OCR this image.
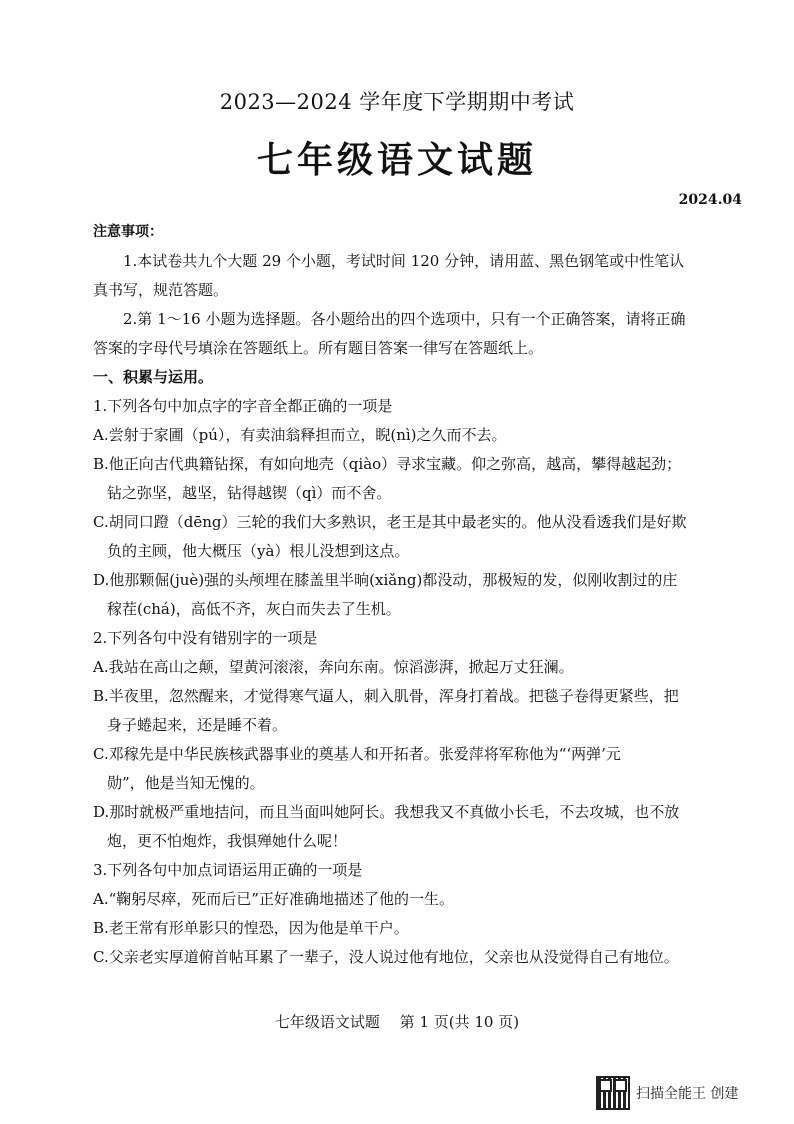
2023—2024 学年度下学期期中考试
七年级语文试题
2024.04

注意事项：

1.本试卷共九个大题 29 个小题，考试时间 120 分钟，请用蓝、黑色钢笔或中性笔认

真书写，规范答题。

2.第 1～16 小题为选择题。各小题给出的四个选项中，只有一个正确答案，请将正确

答案的字母代号填涂在答题纸上。所有题目答案一律写在答题纸上。

一、积累与运用。

1.下列各句中加点字的字音全都正确的一项是

A.尝射于家圃（pú），有卖油翁释担而立，睨(nì)之久而不去。

B.他正向古代典籍钻探，有如向地壳（qiào）寻求宝藏。仰之弥高，越高，攀得越起劲；

钻之弥坚，越坚，钻得越锲（qì）而不舍。

C.胡同口蹬（dēng）三轮的我们大多熟识，老王是其中最老实的。他从没看透我们是好欺

负的主顾，他大概压（yà）根儿没想到这点。

D.他那颗倔(juè)强的头颅埋在膝盖里半晌(xiǎng)都没动，那极短的发，似刚收割过的庄

稼茬(chá)，高低不齐，灰白而失去了生机。

2.下列各句中没有错别字的一项是

A.我站在高山之颠，望黄河滚滚，奔向东南。惊滔澎湃，掀起万丈狂澜。

B.半夜里，忽然醒来，才觉得寒气逼人，刺入肌骨，浑身打着战。把毯子卷得更紧些，把

身子蜷起来，还是睡不着。

C.邓稼先是中华民族核武器事业的奠基人和开拓者。张爱萍将军称他为“‘两弹’元

勋”，他是当知无愧的。

D.那时就极严重地拮问，而且当面叫她阿长。我想我又不真做小长毛，不去攻城，也不放

炮，更不怕炮炸，我惧殚她什么呢！

3.下列各句中加点词语运用正确的一项是

A.“鞠躬尽瘁，死而后已”正好准确地描述了他的一生。

B.老王常有形单影只的惶恐，因为他是单干户。

C.父亲老实厚道俯首帖耳累了一辈子，没人说过他有地位，父亲也从没觉得自己有地位。

七年级语文试题　 第 1 页(共 10 页)
扫描全能王 创建
